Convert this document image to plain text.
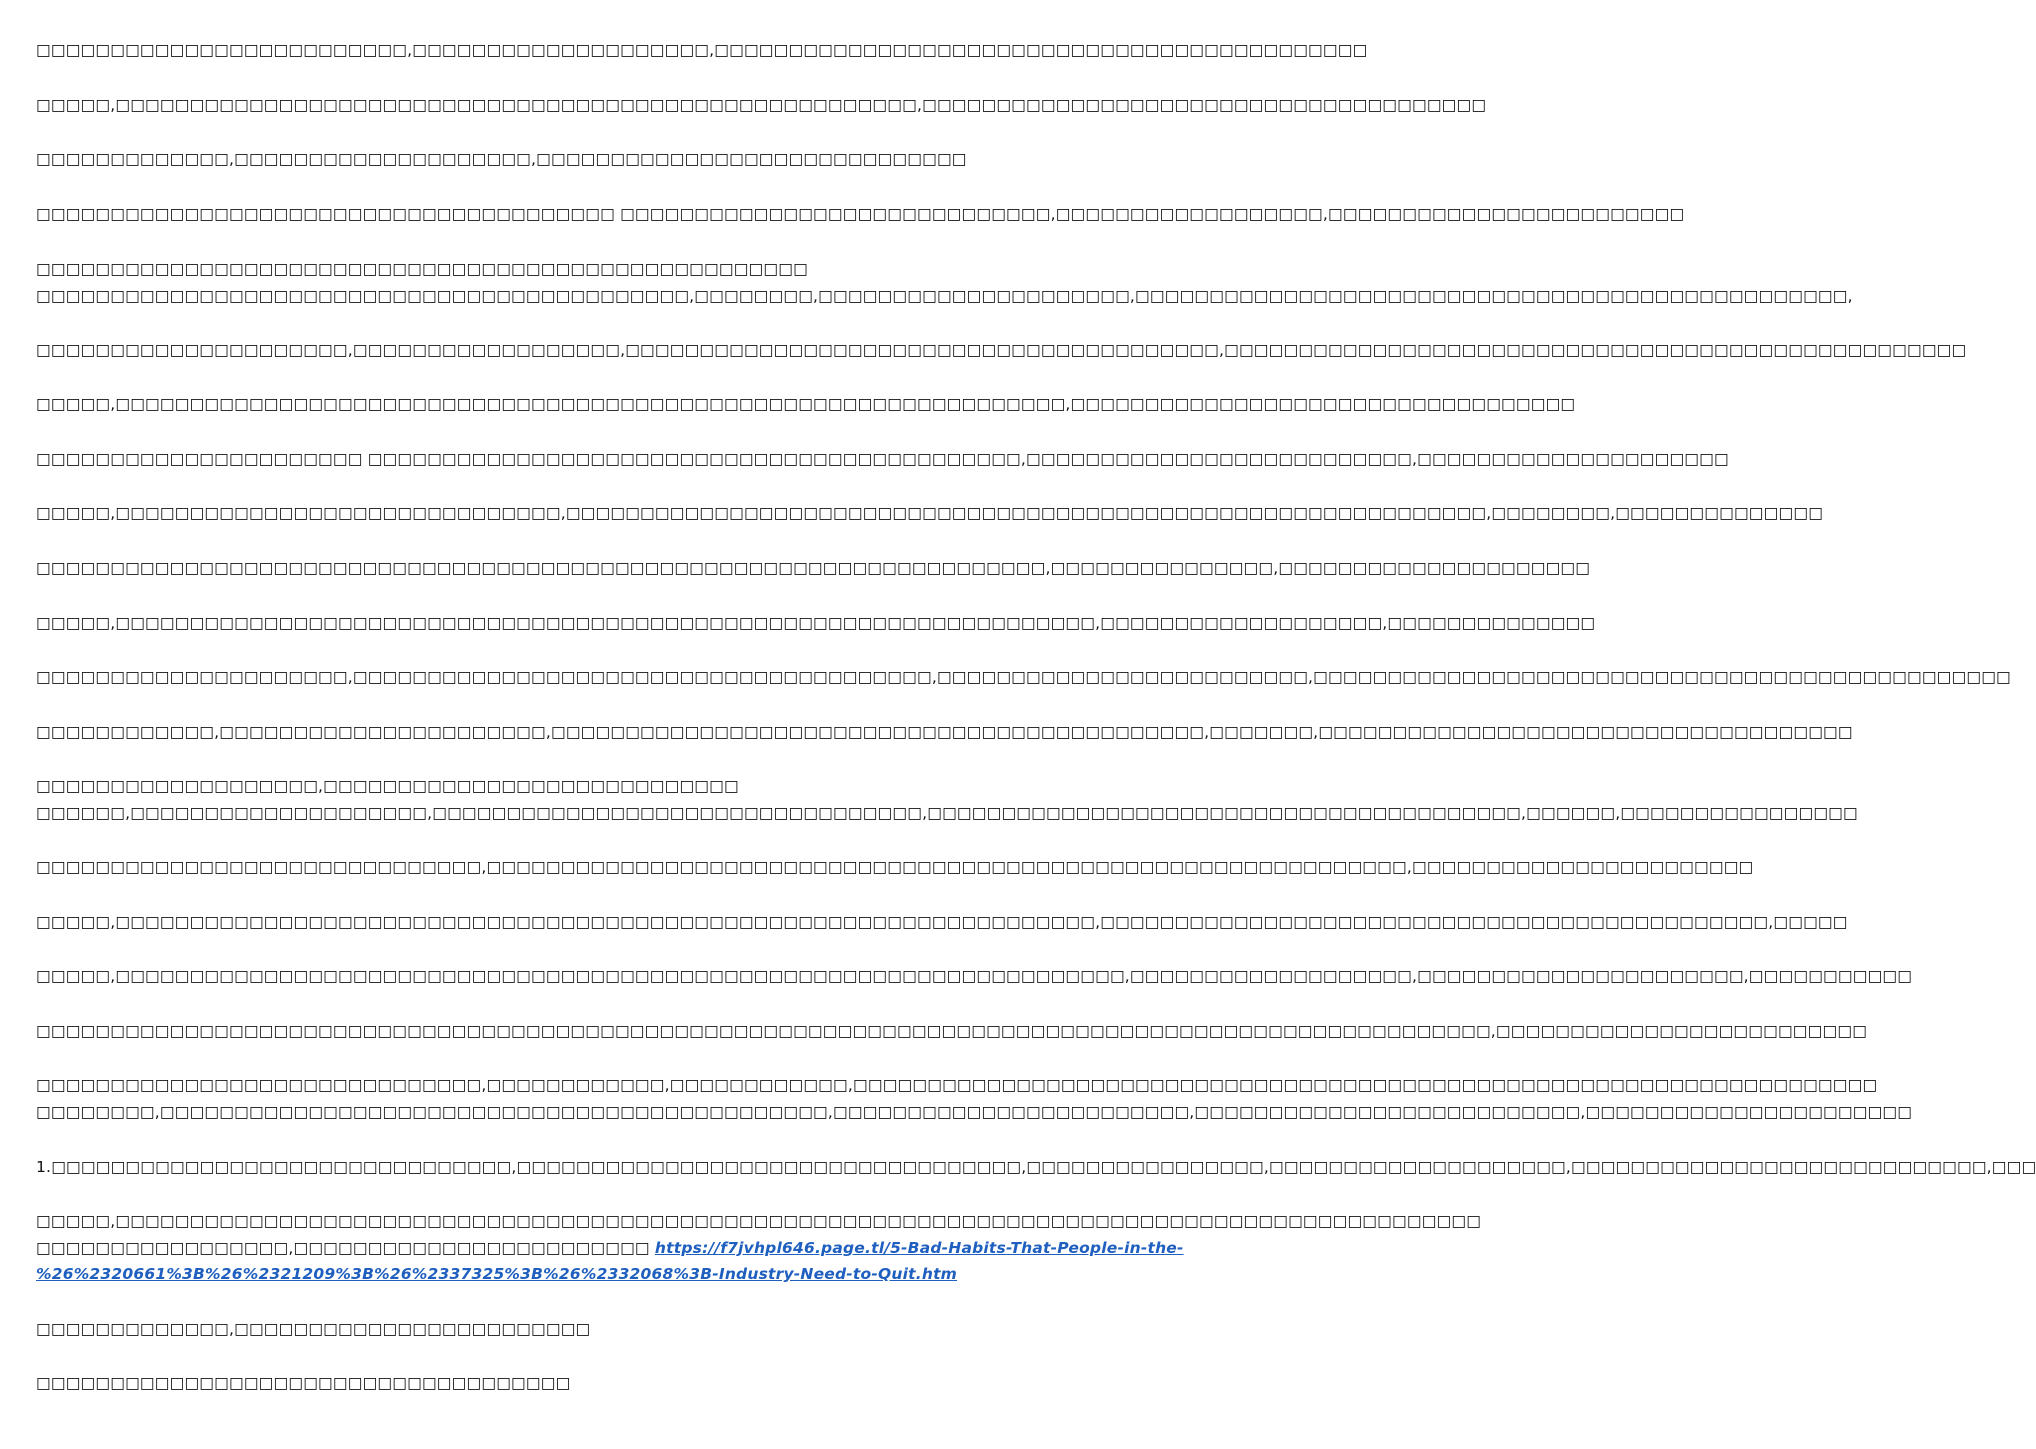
□□□□□□□□□□□□□□□□□□□□□□□□□,□□□□□□□□□□□□□□□□□□□□,□□□□□□□□□□□□□□□□□□□□□□□□□□□□□□□□□□□□□□□□□□□□
□□□□□,□□□□□□□□□□□□□□□□□□□□□□□□□□□□□□□□□□□□□□□□□□□□□□□□□□□□□□,□□□□□□□□□□□□□□□□□□□□□□□□□□□□□□□□□□□□□□
□□□□□□□□□□□□□,□□□□□□□□□□□□□□□□□□□□,□□□□□□□□□□□□□□□□□□□□□□□□□□□□□
□□□□□□□□□□□□□□□□□□□□□□□□□□□□□□□□□□□□□□□ □□□□□□□□□□□□□□□□□□□□□□□□□□□□□,□□□□□□□□□□□□□□□□□□,□□□□□□□□□□□□□□□□□□□□□□□□
□□□□□□□□□□□□□□□□□□□□□□□□□□□□□□□□□□□□□□□□□□□□□□□□□□□□
□□□□□□□□□□□□□□□□□□□□□□□□□□□□□□□□□□□□□□□□□□□□,□□□□□□□□,□□□□□□□□□□□□□□□□□□□□□,□□□□□□□□□□□□□□□□□□□□□□□□□□□□□□□□□□□□□□□□□□□□□□□□,
□□□□□□□□□□□□□□□□□□□□□,□□□□□□□□□□□□□□□□□□,□□□□□□□□□□□□□□□□□□□□□□□□□□□□□□□□□□□□□□□□,□□□□□□□□□□□□□□□□□□□□□□□□□□□□□□□□□□□□□□□□□□□□□□□□□□
□□□□□,□□□□□□□□□□□□□□□□□□□□□□□□□□□□□□□□□□□□□□□□□□□□□□□□□□□□□□□□□□□□□□□□,□□□□□□□□□□□□□□□□□□□□□□□□□□□□□□□□□□
□□□□□□□□□□□□□□□□□□□□□□ □□□□□□□□□□□□□□□□□□□□□□□□□□□□□□□□□□□□□□□□□□□□,□□□□□□□□□□□□□□□□□□□□□□□□□□,□□□□□□□□□□□□□□□□□□□□□
□□□□□,□□□□□□□□□□□□□□□□□□□□□□□□□□□□□□,□□□□□□□□□□□□□□□□□□□□□□□□□□□□□□□□□□□□□□□□□□□□□□□□□□□□□□□□□□□□□□,□□□□□□□□,□□□□□□□□□□□□□□
□□□□□□□□□□□□□□□□□□□□□□□□□□□□□□□□□□□□□□□□□□□□□□□□□□□□□□□□□□□□□□□□□□□□,□□□□□□□□□□□□□□□,□□□□□□□□□□□□□□□□□□□□□
□□□□□,□□□□□□□□□□□□□□□□□□□□□□□□□□□□□□□□□□□□□□□□□□□□□□□□□□□□□□□□□□□□□□□□□□,□□□□□□□□□□□□□□□□□□□,□□□□□□□□□□□□□□
□□□□□□□□□□□□□□□□□□□□□,□□□□□□□□□□□□□□□□□□□□□□□□□□□□□□□□□□□□□□□,□□□□□□□□□□□□□□□□□□□□□□□□□,□□□□□□□□□□□□□□□□□□□□□□□□□□□□□□□□□□□□□□□□□□□□□□□
□□□□□□□□□□□□,□□□□□□□□□□□□□□□□□□□□□□,□□□□□□□□□□□□□□□□□□□□□□□□□□□□□□□□□□□□□□□□□□□□,□□□□□□□,□□□□□□□□□□□□□□□□□□□□□□□□□□□□□□□□□□□□
□□□□□□□□□□□□□□□□□□□,□□□□□□□□□□□□□□□□□□□□□□□□□□□□
□□□□□□,□□□□□□□□□□□□□□□□□□□□,□□□□□□□□□□□□□□□□□□□□□□□□□□□□□□□□□,□□□□□□□□□□□□□□□□□□□□□□□□□□□□□□□□□□□□□□□□,□□□□□□,□□□□□□□□□□□□□□□□
□□□□□□□□□□□□□□□□□□□□□□□□□□□□□□,□□□□□□□□□□□□□□□□□□□□□□□□□□□□□□□□□□□□□□□□□□□□□□□□□□□□□□□□□□□□□□,□□□□□□□□□□□□□□□□□□□□□□□
□□□□□,□□□□□□□□□□□□□□□□□□□□□□□□□□□□□□□□□□□□□□□□□□□□□□□□□□□□□□□□□□□□□□□□□□,□□□□□□□□□□□□□□□□□□□□□□□□□□□□□□□□□□□□□□□□□□□□□,□□□□□
□□□□□,□□□□□□□□□□□□□□□□□□□□□□□□□□□□□□□□□□□□□□□□□□□□□□□□□□□□□□□□□□□□□□□□□□□□,□□□□□□□□□□□□□□□□□□□,□□□□□□□□□□□□□□□□□□□□□□,□□□□□□□□□□□
□□□□□□□□□□□□□□□□□□□□□□□□□□□□□□□□□□□□□□□□□□□□□□□□□□□□□□□□□□□□□□□□□□□□□□□□□□□□□□□□□□□□□□□□□□□□□□□□□□,□□□□□□□□□□□□□□□□□□□□□□□□□
□□□□□□□□□□□□□□□□□□□□□□□□□□□□□□,□□□□□□□□□□□□,□□□□□□□□□□□□,□□□□□□□□□□□□□□□□□□□□□□□□□□□□□□□□□□□□□□□□□□□□□□□□□□□□□□□□□□□□□□□□□□□□□
□□□□□□□□,□□□□□□□□□□□□□□□□□□□□□□□□□□□□□□□□□□□□□□□□□□□□□,□□□□□□□□□□□□□□□□□□□□□□□□,□□□□□□□□□□□□□□□□□□□□□□□□□□,□□□□□□□□□□□□□□□□□□□□□□
1.□□□□□□□□□□□□□□□□□□□□□□□□□□□□□□□,□□□□□□□□□□□□□□□□□□□□□□□□□□□□□□□□□□,□□□□□□□□□□□□□□□□,□□□□□□□□□□□□□□□□□□□□,□□□□□□□□□□□□□□□□□□□□□□□□□□□□,□□□
□□□□□,□□□□□□□□□□□□□□□□□□□□□□□□□□□□□□□□□□□□□□□□□□□□□□□□□□□□□□□□□□□□□□□□□□□□□□□□□□□□□□□□□□□□□□□□□□□□
□□□□□□□□□□□□□□□□□,□□□□□□□□□□□□□□□□□□□□□□□□ https://f7jvhpl646.page.tl/5-Bad-Habits-That-People-in-the-
%26%2320661%3B%26%2321209%3B%26%2337325%3B%26%2332068%3B-Industry-Need-to-Quit.htm
□□□□□□□□□□□□□,□□□□□□□□□□□□□□□□□□□□□□□□
□□□□□□□□□□□□□□□□□□□□□□□□□□□□□□□□□□□□
